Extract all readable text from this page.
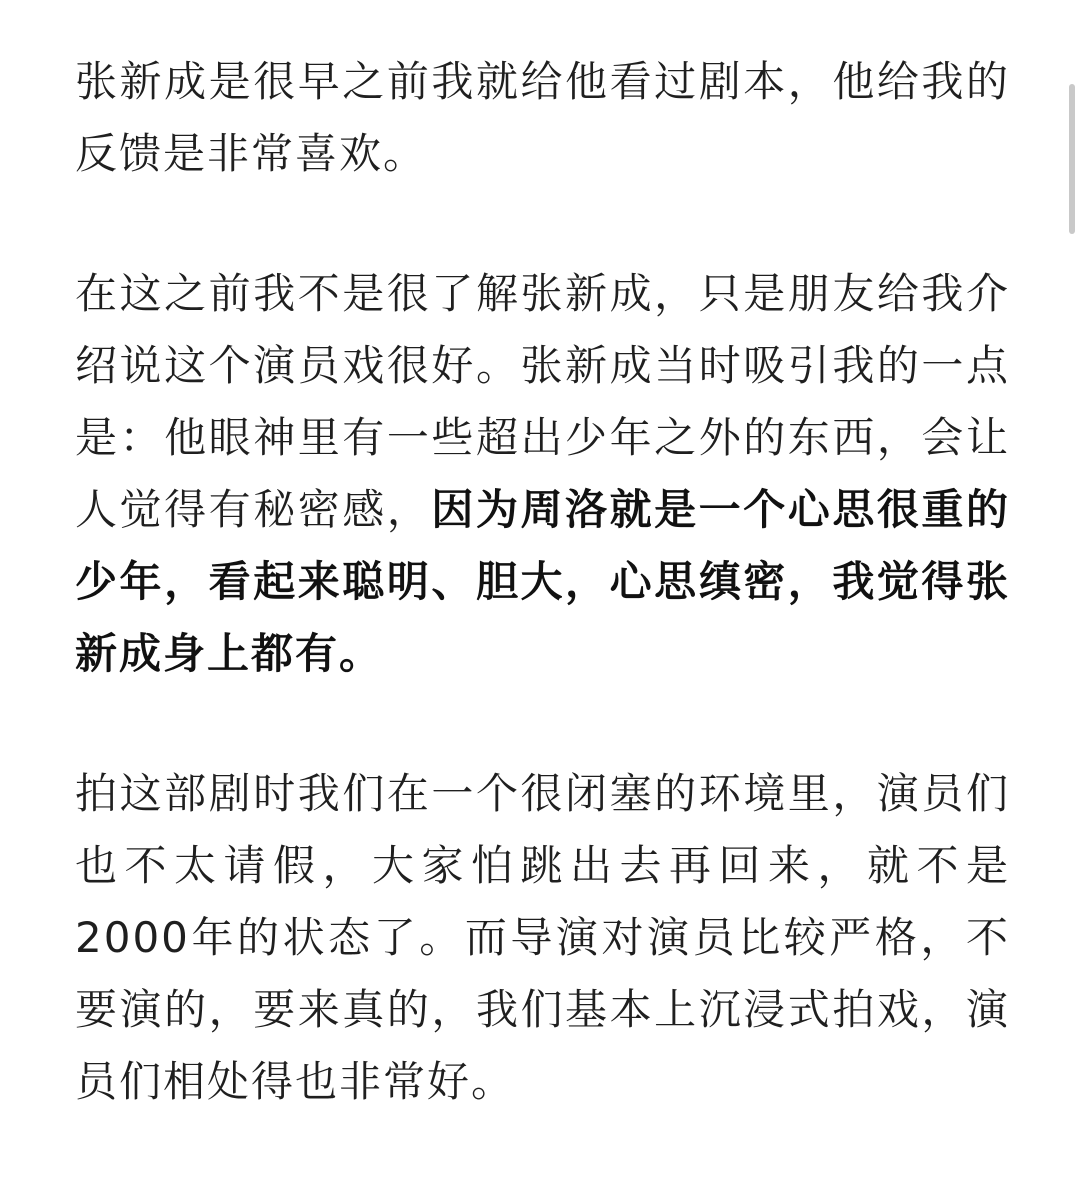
张新成是很早之前我就给他看过剧本，他给我的反馈是非常喜欢。

在这之前我不是很了解张新成，只是朋友给我介绍说这个演员戏很好。张新成当时吸引我的一点是：他眼神里有一些超出少年之外的东西，会让人觉得有秘密感，因为周洛就是一个心思很重的少年，看起来聪明、胆大，心思缜密，我觉得张新成身上都有。

拍这部剧时我们在一个很闭塞的环境里，演员们也不太请假，大家怕跳出去再回来，就不是2000年的状态了。而导演对演员比较严格，不要演的，要来真的，我们基本上沉浸式拍戏，演员们相处得也非常好。
